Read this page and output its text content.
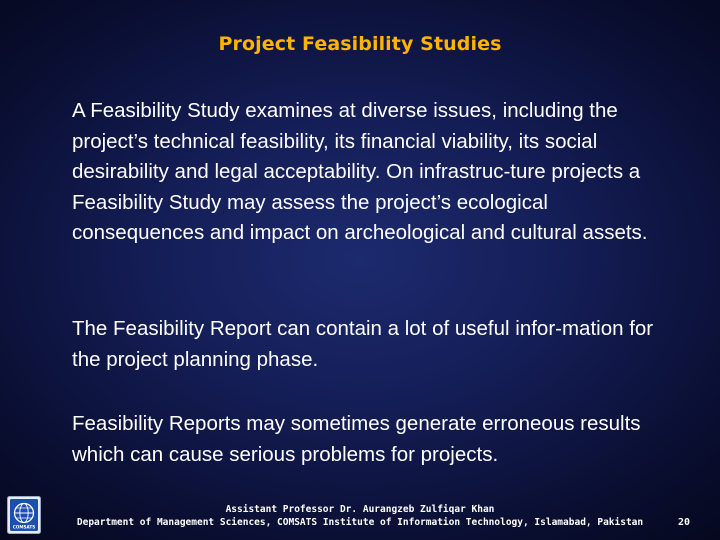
Project Feasibility Studies

A Feasibility Study examines at diverse issues, including the project’s technical feasibility, its financial viability, its social desirability and legal acceptability. On infrastruc-ture projects a Feasibility Study may assess the project’s ecological consequences and impact on archeological and cultural assets.

The Feasibility Report can contain a lot of useful infor-mation for the project planning phase.

Feasibility Reports may sometimes generate erroneous results which can cause serious problems for projects.

COMSATS
Assistant Professor Dr. Aurangzeb Zulfiqar Khan
Department of Management Sciences, COMSATS Institute of Information Technology, Islamabad, Pakistan	20
